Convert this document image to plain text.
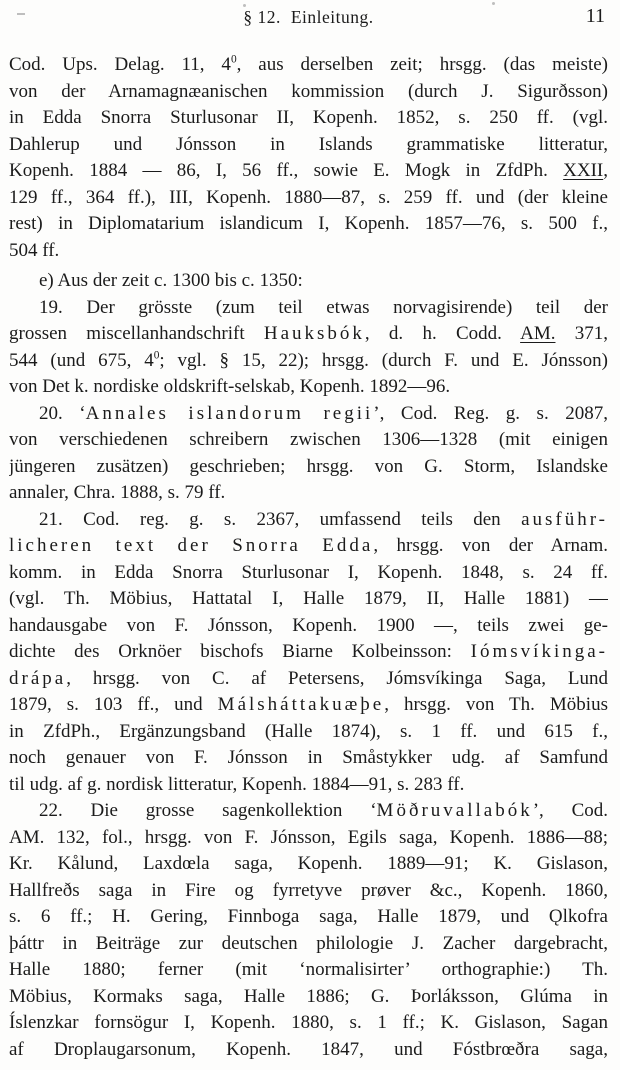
§ 12. Einleitung.	11
Cod. Ups. Delag. 11, $4^0$, aus derselben zeit; hrsgg. (das meiste)
von der Arnamagnæanischen kommission (durch J. Sigurðsson)
in Edda Snorra Sturlusonar II, Kopenh. 1852, s. 250 ff. (vgl.
Dahlerup und Jónsson in Islands grammatiske litteratur,
Kopenh. 1884 — 86, I, 56 ff., sowie E. Mogk in ZfdPh. XXII,
129 ff., 364 ff.), III, Kopenh. 1880—87, s. 259 ff. und (der kleine
rest) in Diplomatarium islandicum I, Kopenh. 1857—76, s. 500 f.,
504 ff.
e) Aus der zeit c. 1300 bis c. 1350:
19. Der grösste (zum teil etwas norvagisirende) teil der
grossen miscellanhandschrift Hauksbók, d. h. Codd. AM. 371,
544 (und 675, $4^0$; vgl. § 15, 22); hrsgg. (durch F. und E. Jónsson)
von Det k. nordiske oldskrift-selskab, Kopenh. 1892—96.
20. ‘Annales islandorum regii’, Cod. Reg. g. s. 2087,
von verschiedenen schreibern zwischen 1306—1328 (mit einigen
jüngeren zusätzen) geschrieben; hrsgg. von G. Storm, Islandske
annaler, Chra. 1888, s. 79 ff.
21. Cod. reg. g. s. 2367, umfassend teils den ausführ-
licheren text der Snorra Edda, hrsgg. von der Arnam.
komm. in Edda Snorra Sturlusonar I, Kopenh. 1848, s. 24 ff.
(vgl. Th. Möbius, Hattatal I, Halle 1879, II, Halle 1881) —
handausgabe von F. Jónsson, Kopenh. 1900 —, teils zwei ge-
dichte des Orknöer bischofs Biarne Kolbeinsson: Iómsvíkinga-
drápa, hrsgg. von C. af Petersens, Jómsvíkinga Saga, Lund
1879, s. 103 ff., und Málsháttakuæþe, hrsgg. von Th. Möbius
in ZfdPh., Ergänzungsband (Halle 1874), s. 1 ff. und 615 f.,
noch genauer von F. Jónsson in Småstykker udg. af Samfund
til udg. af g. nordisk litteratur, Kopenh. 1884—91, s. 283 ff.
22. Die grosse sagenkollektion ‘Möðruvallabók’, Cod.
AM. 132, fol., hrsgg. von F. Jónsson, Egils saga, Kopenh. 1886—88;
Kr. Kålund, Laxdœla saga, Kopenh. 1889—91; K. Gislason,
Hallfreðs saga in Fire og fyrretyve prøver &c., Kopenh. 1860,
s. 6 ff.; H. Gering, Finnboga saga, Halle 1879, und Ǫlkofra
þáttr in Beiträge zur deutschen philologie J. Zacher dargebracht,
Halle 1880; ferner (mit ‘normalisirter’ orthographie:) Th.
Möbius, Kormaks saga, Halle 1886; G. Þorláksson, Glúma in
Íslenzkar fornsögur I, Kopenh. 1880, s. 1 ff.; K. Gislason, Sagan
af Droplaugarsonum, Kopenh. 1847, und Fóstbrœðra saga,
